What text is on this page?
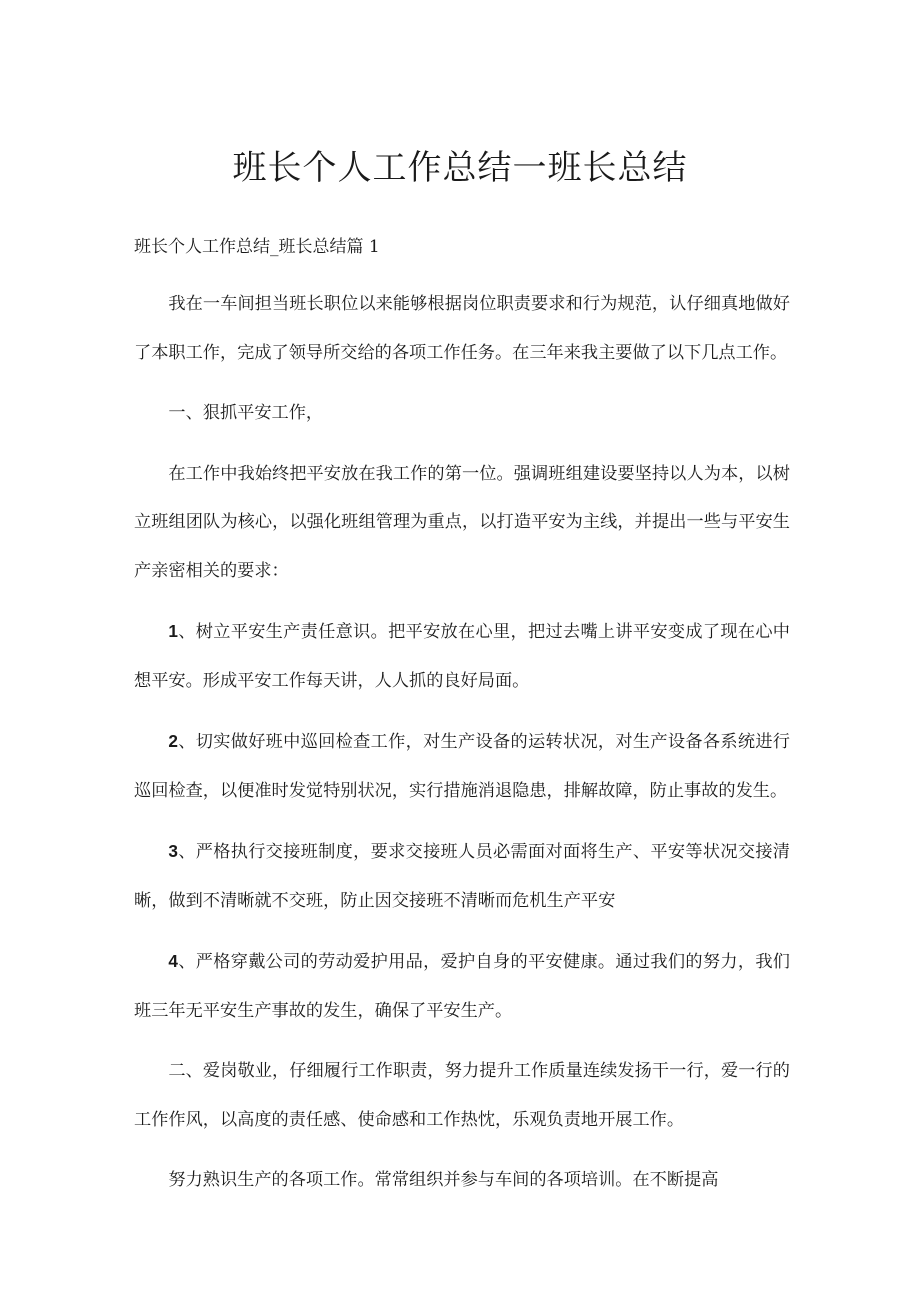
班长个人工作总结一班长总结

班长个人工作总结_班长总结篇 1

我在一车间担当班长职位以来能够根据岗位职责要求和行为规范，认仔细真地做好了本职工作，完成了领导所交给的各项工作任务。在三年来我主要做了以下几点工作。

一、狠抓平安工作，

在工作中我始终把平安放在我工作的第一位。强调班组建设要坚持以人为本，以树立班组团队为核心，以强化班组管理为重点，以打造平安为主线，并提出一些与平安生产亲密相关的要求：

1、树立平安生产责任意识。把平安放在心里，把过去嘴上讲平安变成了现在心中想平安。形成平安工作每天讲，人人抓的良好局面。

2、切实做好班中巡回检查工作，对生产设备的运转状况，对生产设备各系统进行巡回检查，以便准时发觉特别状况，实行措施消退隐患，排解故障，防止事故的发生。

3、严格执行交接班制度，要求交接班人员必需面对面将生产、平安等状况交接清晰，做到不清晰就不交班，防止因交接班不清晰而危机生产平安

4、严格穿戴公司的劳动爱护用品，爱护自身的平安健康。通过我们的努力，我们班三年无平安生产事故的发生，确保了平安生产。

二、爱岗敬业，仔细履行工作职责，努力提升工作质量连续发扬干一行，爱一行的工作作风，以高度的责任感、使命感和工作热忱，乐观负责地开展工作。

努力熟识生产的各项工作。常常组织并参与车间的各项培训。在不断提高
